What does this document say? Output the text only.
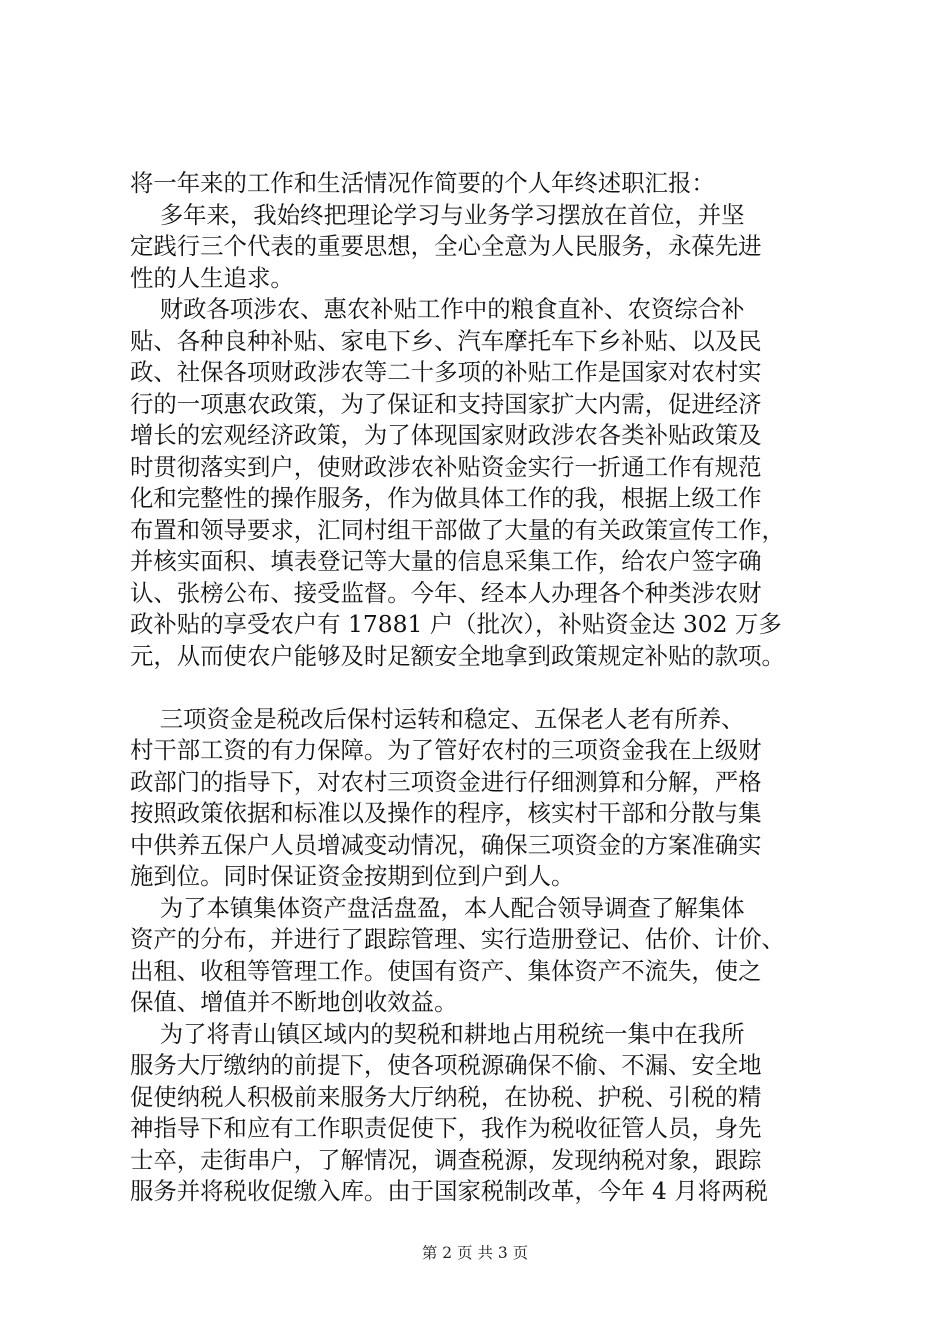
将一年来的工作和生活情况作简要的个人年终述职汇报：
多年来，我始终把理论学习与业务学习摆放在首位，并坚
定践行三个代表的重要思想，全心全意为人民服务，永葆先进
性的人生追求。
财政各项涉农、惠农补贴工作中的粮食直补、农资综合补
贴、各种良种补贴、家电下乡、汽车摩托车下乡补贴、以及民
政、社保各项财政涉农等二十多项的补贴工作是国家对农村实
行的一项惠农政策，为了保证和支持国家扩大内需，促进经济
增长的宏观经济政策，为了体现国家财政涉农各类补贴政策及
时贯彻落实到户，使财政涉农补贴资金实行一折通工作有规范
化和完整性的操作服务，作为做具体工作的我，根据上级工作
布置和领导要求，汇同村组干部做了大量的有关政策宣传工作，
并核实面积、填表登记等大量的信息采集工作，给农户签字确
认、张榜公布、接受监督。今年、经本人办理各个种类涉农财
政补贴的享受农户有 17881 户（批次），补贴资金达 302 万多
元，从而使农户能够及时足额安全地拿到政策规定补贴的款项。
三项资金是税改后保村运转和稳定、五保老人老有所养、
村干部工资的有力保障。为了管好农村的三项资金我在上级财
政部门的指导下，对农村三项资金进行仔细测算和分解，严格
按照政策依据和标准以及操作的程序，核实村干部和分散与集
中供养五保户人员增减变动情况，确保三项资金的方案准确实
施到位。同时保证资金按期到位到户到人。
为了本镇集体资产盘活盘盈，本人配合领导调查了解集体
资产的分布，并进行了跟踪管理、实行造册登记、估价、计价、
出租、收租等管理工作。使国有资产、集体资产不流失，使之
保值、增值并不断地创收效益。
为了将青山镇区域内的契税和耕地占用税统一集中在我所
服务大厅缴纳的前提下，使各项税源确保不偷、不漏、安全地
促使纳税人积极前来服务大厅纳税，在协税、护税、引税的精
神指导下和应有工作职责促使下，我作为税收征管人员，身先
士卒，走街串户，了解情况，调查税源，发现纳税对象，跟踪
服务并将税收促缴入库。由于国家税制改革，今年 4 月将两税
第 2 页 共 3 页
